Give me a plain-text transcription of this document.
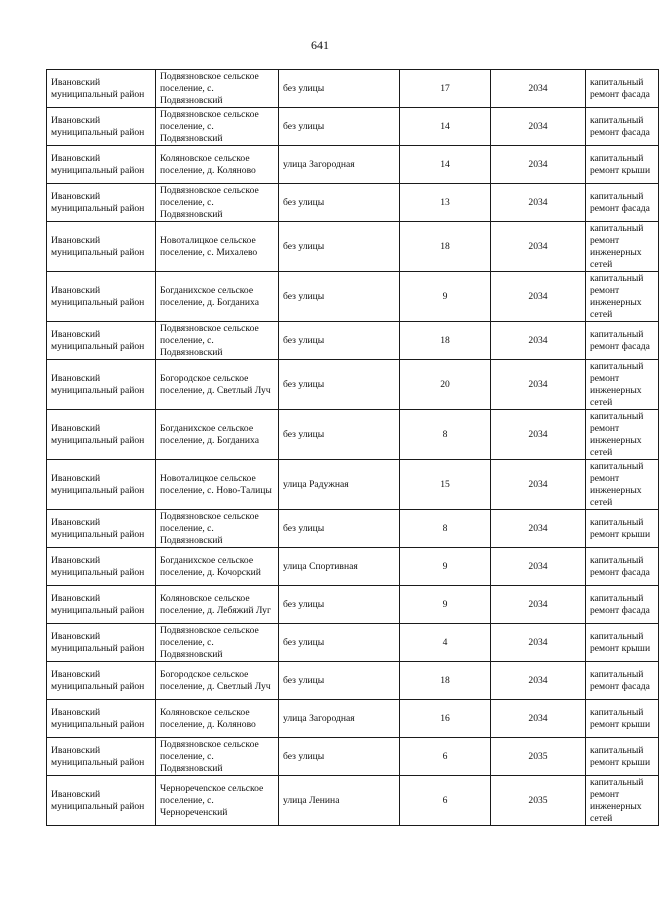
641
Ивановский муниципальный район	Подвязновское сельское поселение, с. Подвязновский	без улицы	17	2034	капитальный ремонт фасада
Ивановский муниципальный район	Подвязновское сельское поселение, с. Подвязновский	без улицы	14	2034	капитальный ремонт фасада
Ивановский муниципальный район	Коляновское сельское поселение, д. Коляново	улица Загородная	14	2034	капитальный ремонт крыши
Ивановский муниципальный район	Подвязновское сельское поселение, с. Подвязновский	без улицы	13	2034	капитальный ремонт фасада
Ивановский муниципальный район	Новоталицкое сельское поселение, с. Михалево	без улицы	18	2034	капитальный ремонт инженерных сетей
Ивановский муниципальный район	Богданихское сельское поселение, д. Богданиха	без улицы	9	2034	капитальный ремонт инженерных сетей
Ивановский муниципальный район	Подвязновское сельское поселение, с. Подвязновский	без улицы	18	2034	капитальный ремонт фасада
Ивановский муниципальный район	Богородское сельское поселение, д. Светлый Луч	без улицы	20	2034	капитальный ремонт инженерных сетей
Ивановский муниципальный район	Богданихское сельское поселение, д. Богданиха	без улицы	8	2034	капитальный ремонт инженерных сетей
Ивановский муниципальный район	Новоталицкое сельское поселение, с. Ново-Талицы	улица Радужная	15	2034	капитальный ремонт инженерных сетей
Ивановский муниципальный район	Подвязновское сельское поселение, с. Подвязновский	без улицы	8	2034	капитальный ремонт крыши
Ивановский муниципальный район	Богданихское сельское поселение, д. Кочорский	улица Спортивная	9	2034	капитальный ремонт фасада
Ивановский муниципальный район	Коляновское сельское поселение, д. Лебяжий Луг	без улицы	9	2034	капитальный ремонт фасада
Ивановский муниципальный район	Подвязновское сельское поселение, с. Подвязновский	без улицы	4	2034	капитальный ремонт крыши
Ивановский муниципальный район	Богородское сельское поселение, д. Светлый Луч	без улицы	18	2034	капитальный ремонт фасада
Ивановский муниципальный район	Коляновское сельское поселение, д. Коляново	улица Загородная	16	2034	капитальный ремонт крыши
Ивановский муниципальный район	Подвязновское сельское поселение, с. Подвязновский	без улицы	6	2035	капитальный ремонт крыши
Ивановский муниципальный район	Черноречenское сельское поселение, с. Черноречeнский	улица Ленина	6	2035	капитальный ремонт инженерных сетей
